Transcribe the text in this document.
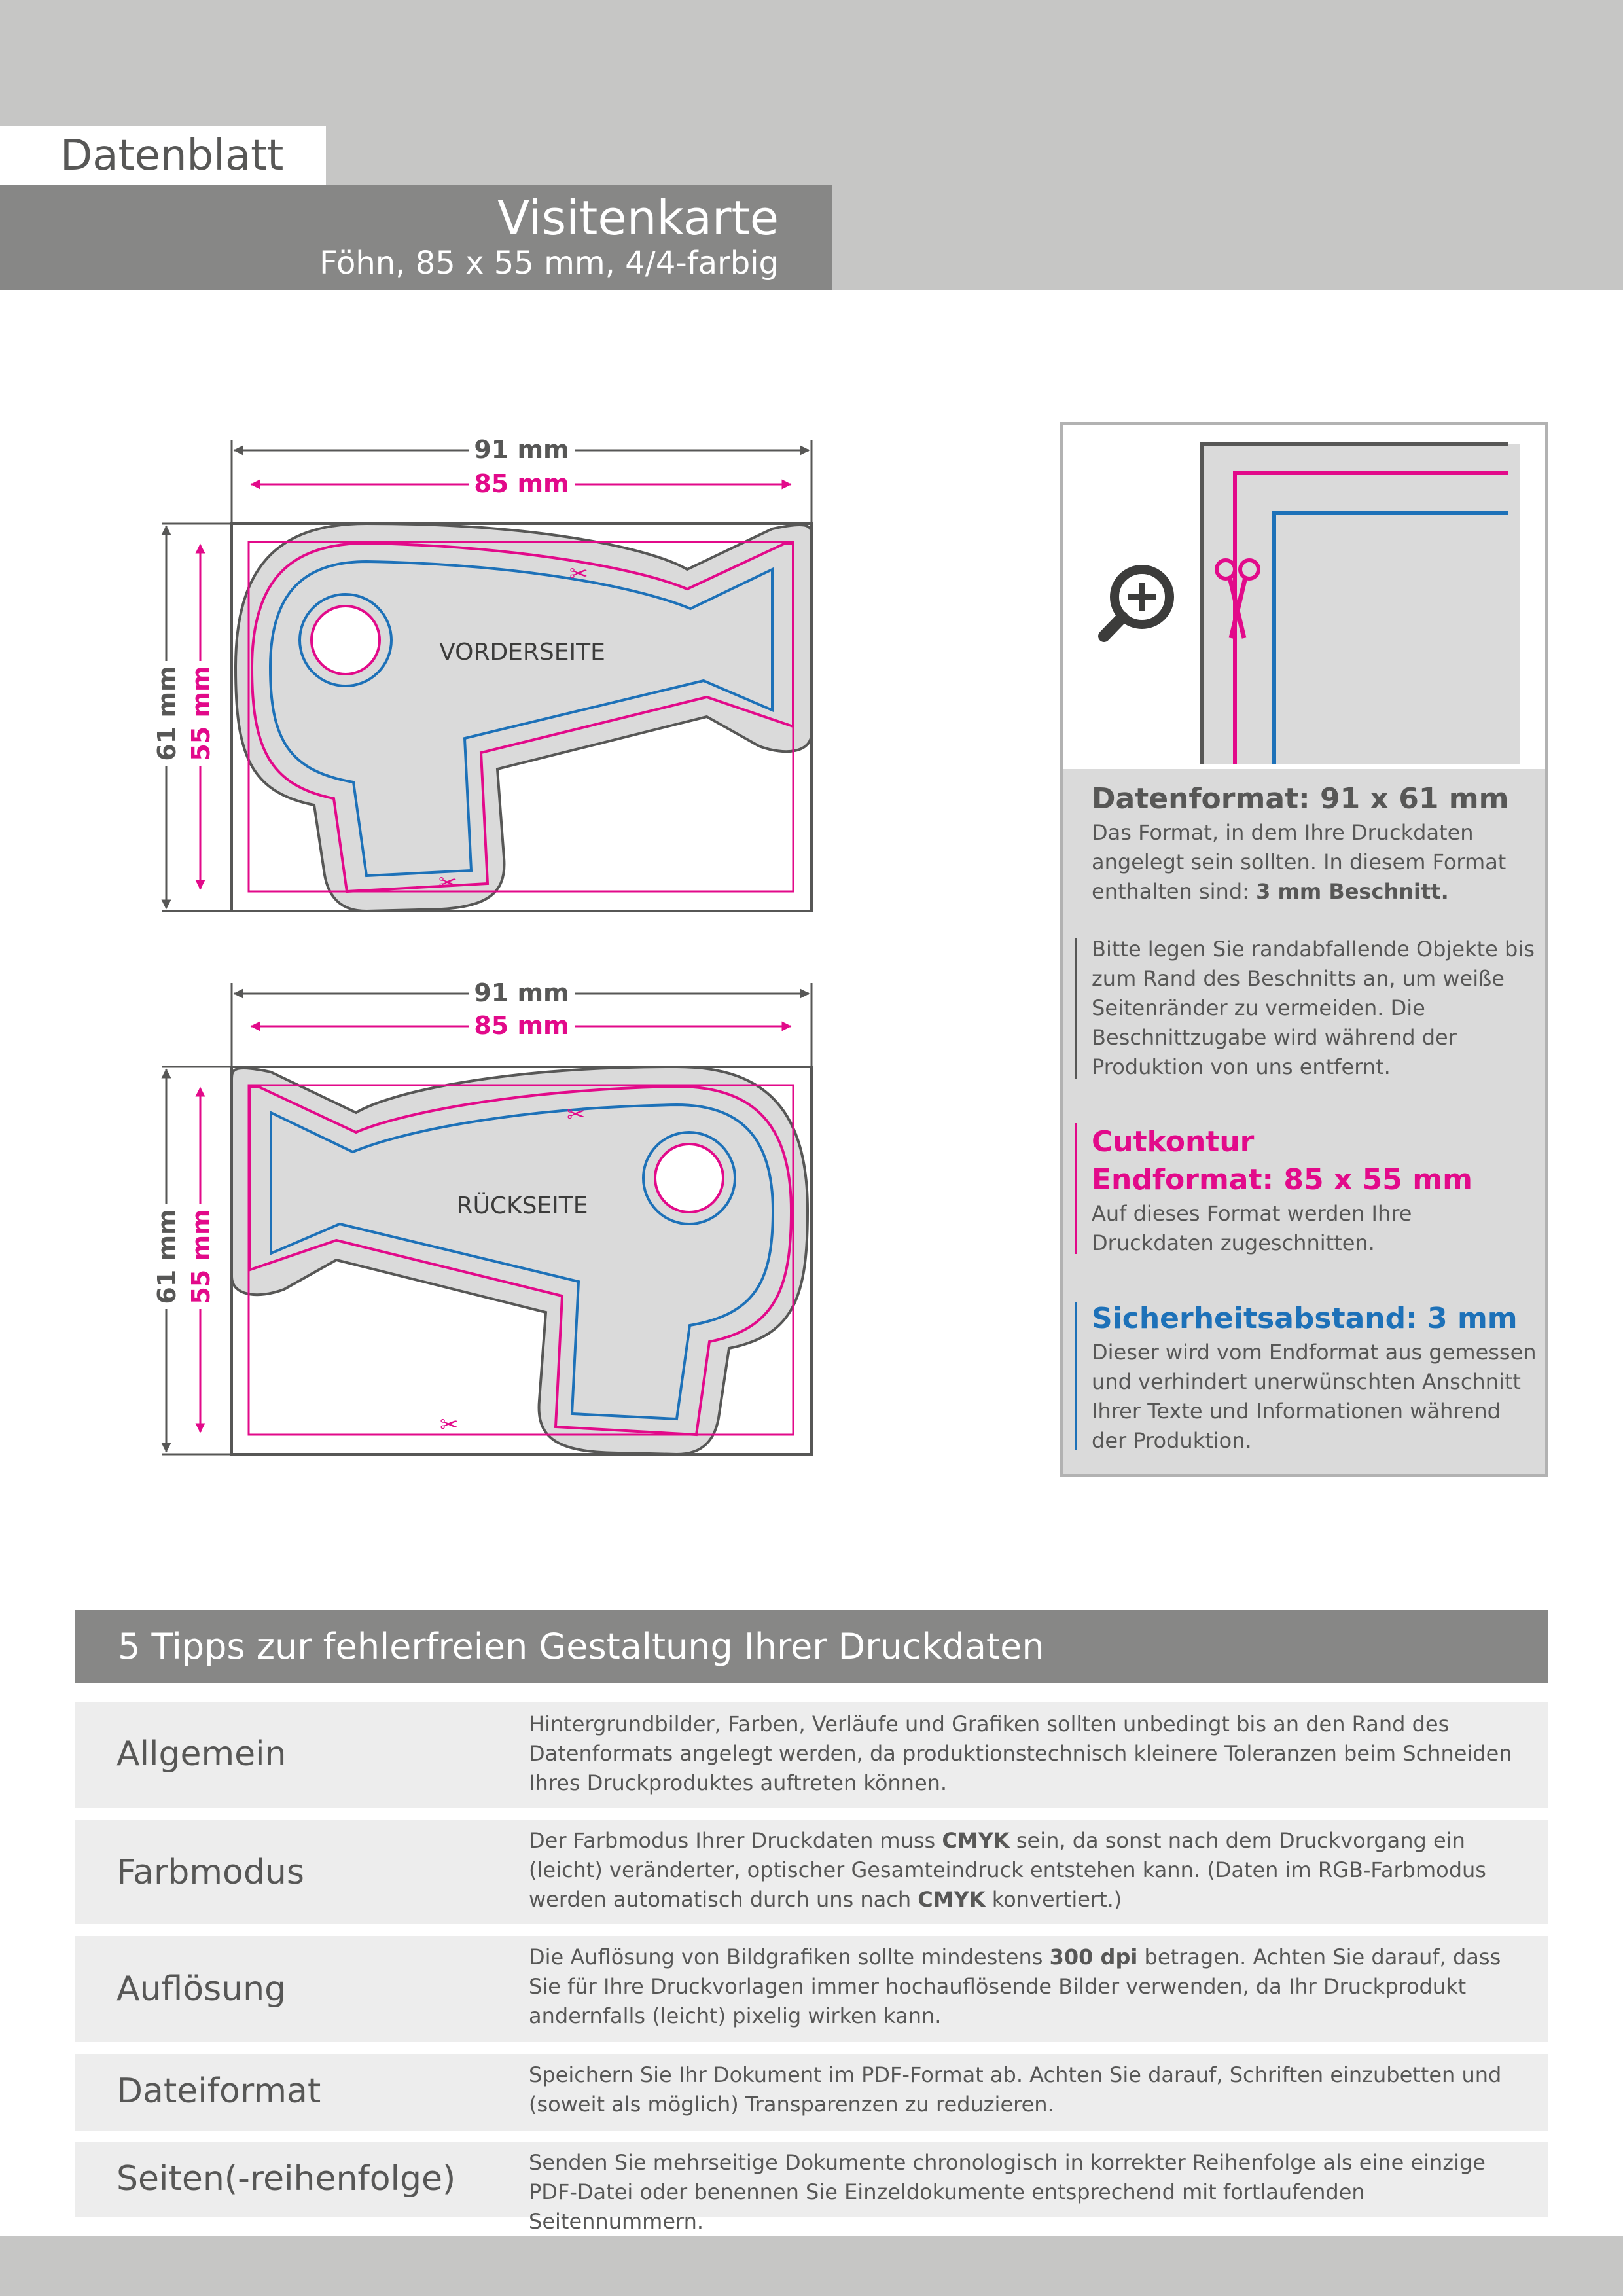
Datenblatt
Visitenkarte
Föhn, 85 x 55 mm, 4/4-farbig
✂
✂
91 mm
85 mm
61 mm 55 mm
VORDERSEITE
✂
✂
91 mm
85 mm
61 mm 55 mm
RÜCKSEITE
Datenformat: 91 x 61 mm
Das Format, in dem Ihre Druckdaten angelegt sein sollten. In diesem Format enthalten sind: 3 mm Beschnitt.
Bitte legen Sie randabfallende Objekte bis zum Rand des Beschnitts an, um weiße Seitenränder zu vermeiden. Die Beschnittzugabe wird während der Produktion von uns entfernt.
Cutkontur
Endformat: 85 x 55 mm
Auf dieses Format werden Ihre Druckdaten zugeschnitten.
Sicherheitsabstand: 3 mm
Dieser wird vom Endformat aus gemessen und verhindert unerwünschten Anschnitt Ihrer Texte und Informationen während der Produktion.
5 Tipps zur fehlerfreien Gestaltung Ihrer Druckdaten
Allgemein
Hintergrundbilder, Farben, Verläufe und Grafiken sollten unbedingt bis an den Rand des Datenformats angelegt werden, da produktionstechnisch kleinere Toleranzen beim Schneiden Ihres Druckproduktes auftreten können.
Farbmodus
Der Farbmodus Ihrer Druckdaten muss CMYK sein, da sonst nach dem Druckvorgang ein (leicht) veränderter, optischer Gesamteindruck entstehen kann. (Daten im RGB-Farbmodus werden automatisch durch uns nach CMYK konvertiert.)
Auflösung
Die Auflösung von Bildgrafiken sollte mindestens 300 dpi betragen. Achten Sie darauf, dass Sie für Ihre Druckvorlagen immer hochauflösende Bilder verwenden, da Ihr Druckprodukt andernfalls (leicht) pixelig wirken kann.
Dateiformat	Speichern Sie Ihr Dokument im PDF-Format ab. Achten Sie darauf, Schriften einzubetten und (soweit als möglich) Transparenzen zu reduzieren.
Seiten(-reihenfolge)	Senden Sie mehrseitige Dokumente chronologisch in korrekter Reihenfolge als eine einzige PDF-Datei oder benennen Sie Einzeldokumente entsprechend mit fortlaufenden Seitennummern.
